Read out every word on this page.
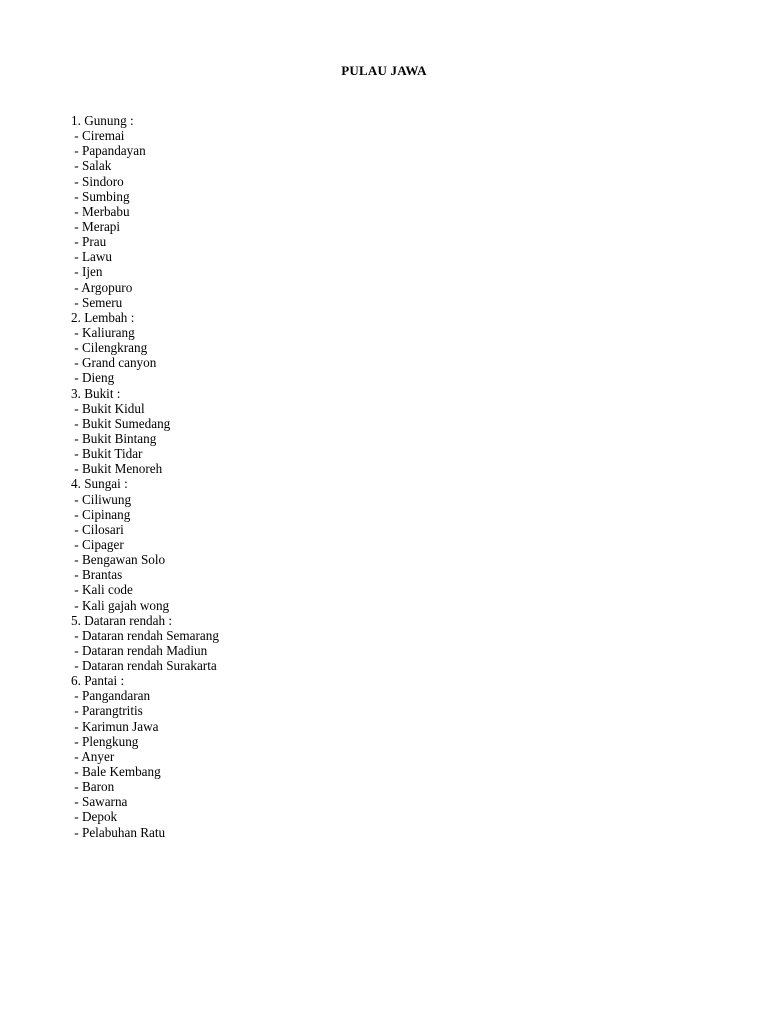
PULAU JAWA
1. Gunung :
- Ciremai
- Papandayan
- Salak
- Sindoro
- Sumbing
- Merbabu
- Merapi
- Prau
- Lawu
- Ijen
- Argopuro
- Semeru
2. Lembah :
- Kaliurang
- Cilengkrang
- Grand canyon
- Dieng
3. Bukit :
- Bukit Kidul
- Bukit Sumedang
- Bukit Bintang
- Bukit Tidar
- Bukit Menoreh
4. Sungai :
- Ciliwung
- Cipinang
- Cilosari
- Cipager
- Bengawan Solo
- Brantas
- Kali code
- Kali gajah wong
5. Dataran rendah :
- Dataran rendah Semarang
- Dataran rendah Madiun
- Dataran rendah Surakarta
6. Pantai :
- Pangandaran
- Parangtritis
- Karimun Jawa
- Plengkung
- Anyer
- Bale Kembang
- Baron
- Sawarna
- Depok
- Pelabuhan Ratu
